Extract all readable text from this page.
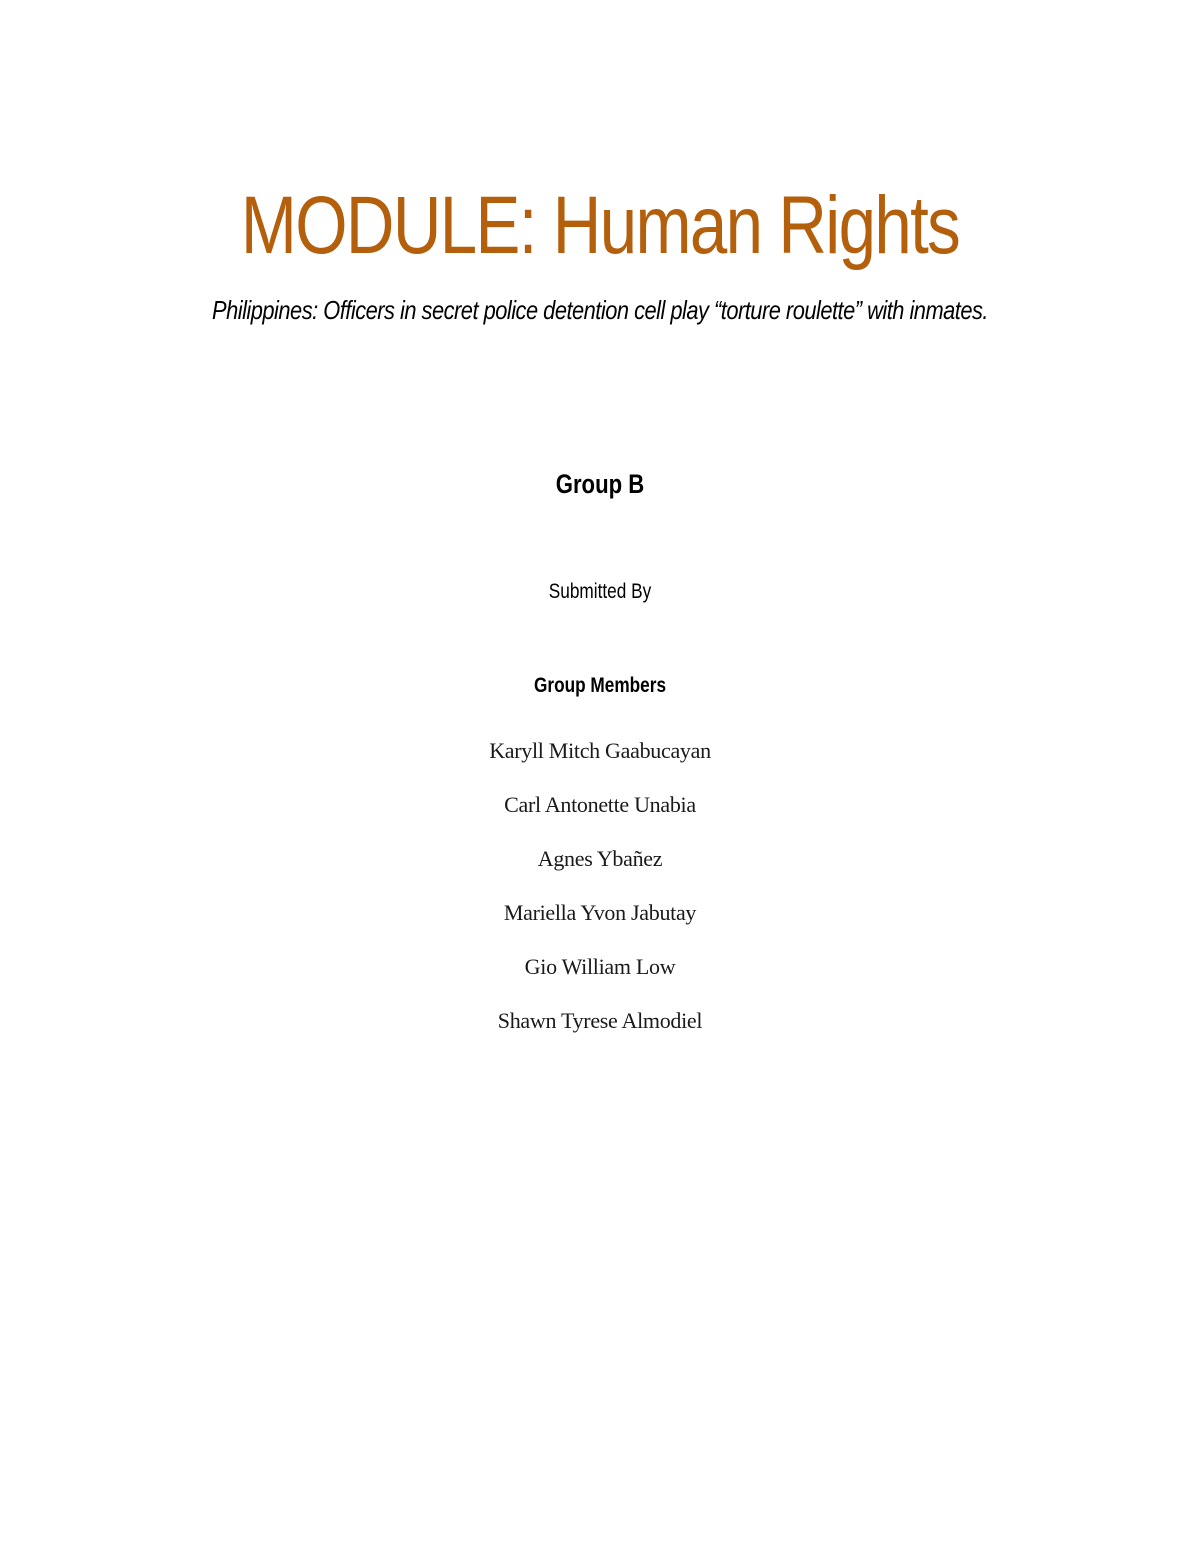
MODULE: Human Rights
Philippines: Officers in secret police detention cell play “torture roulette” with inmates.
Group B
Submitted By
Group Members
Karyll Mitch Gaabucayan
Carl Antonette Unabia
Agnes Ybañez
Mariella Yvon Jabutay
Gio William Low
Shawn Tyrese Almodiel
